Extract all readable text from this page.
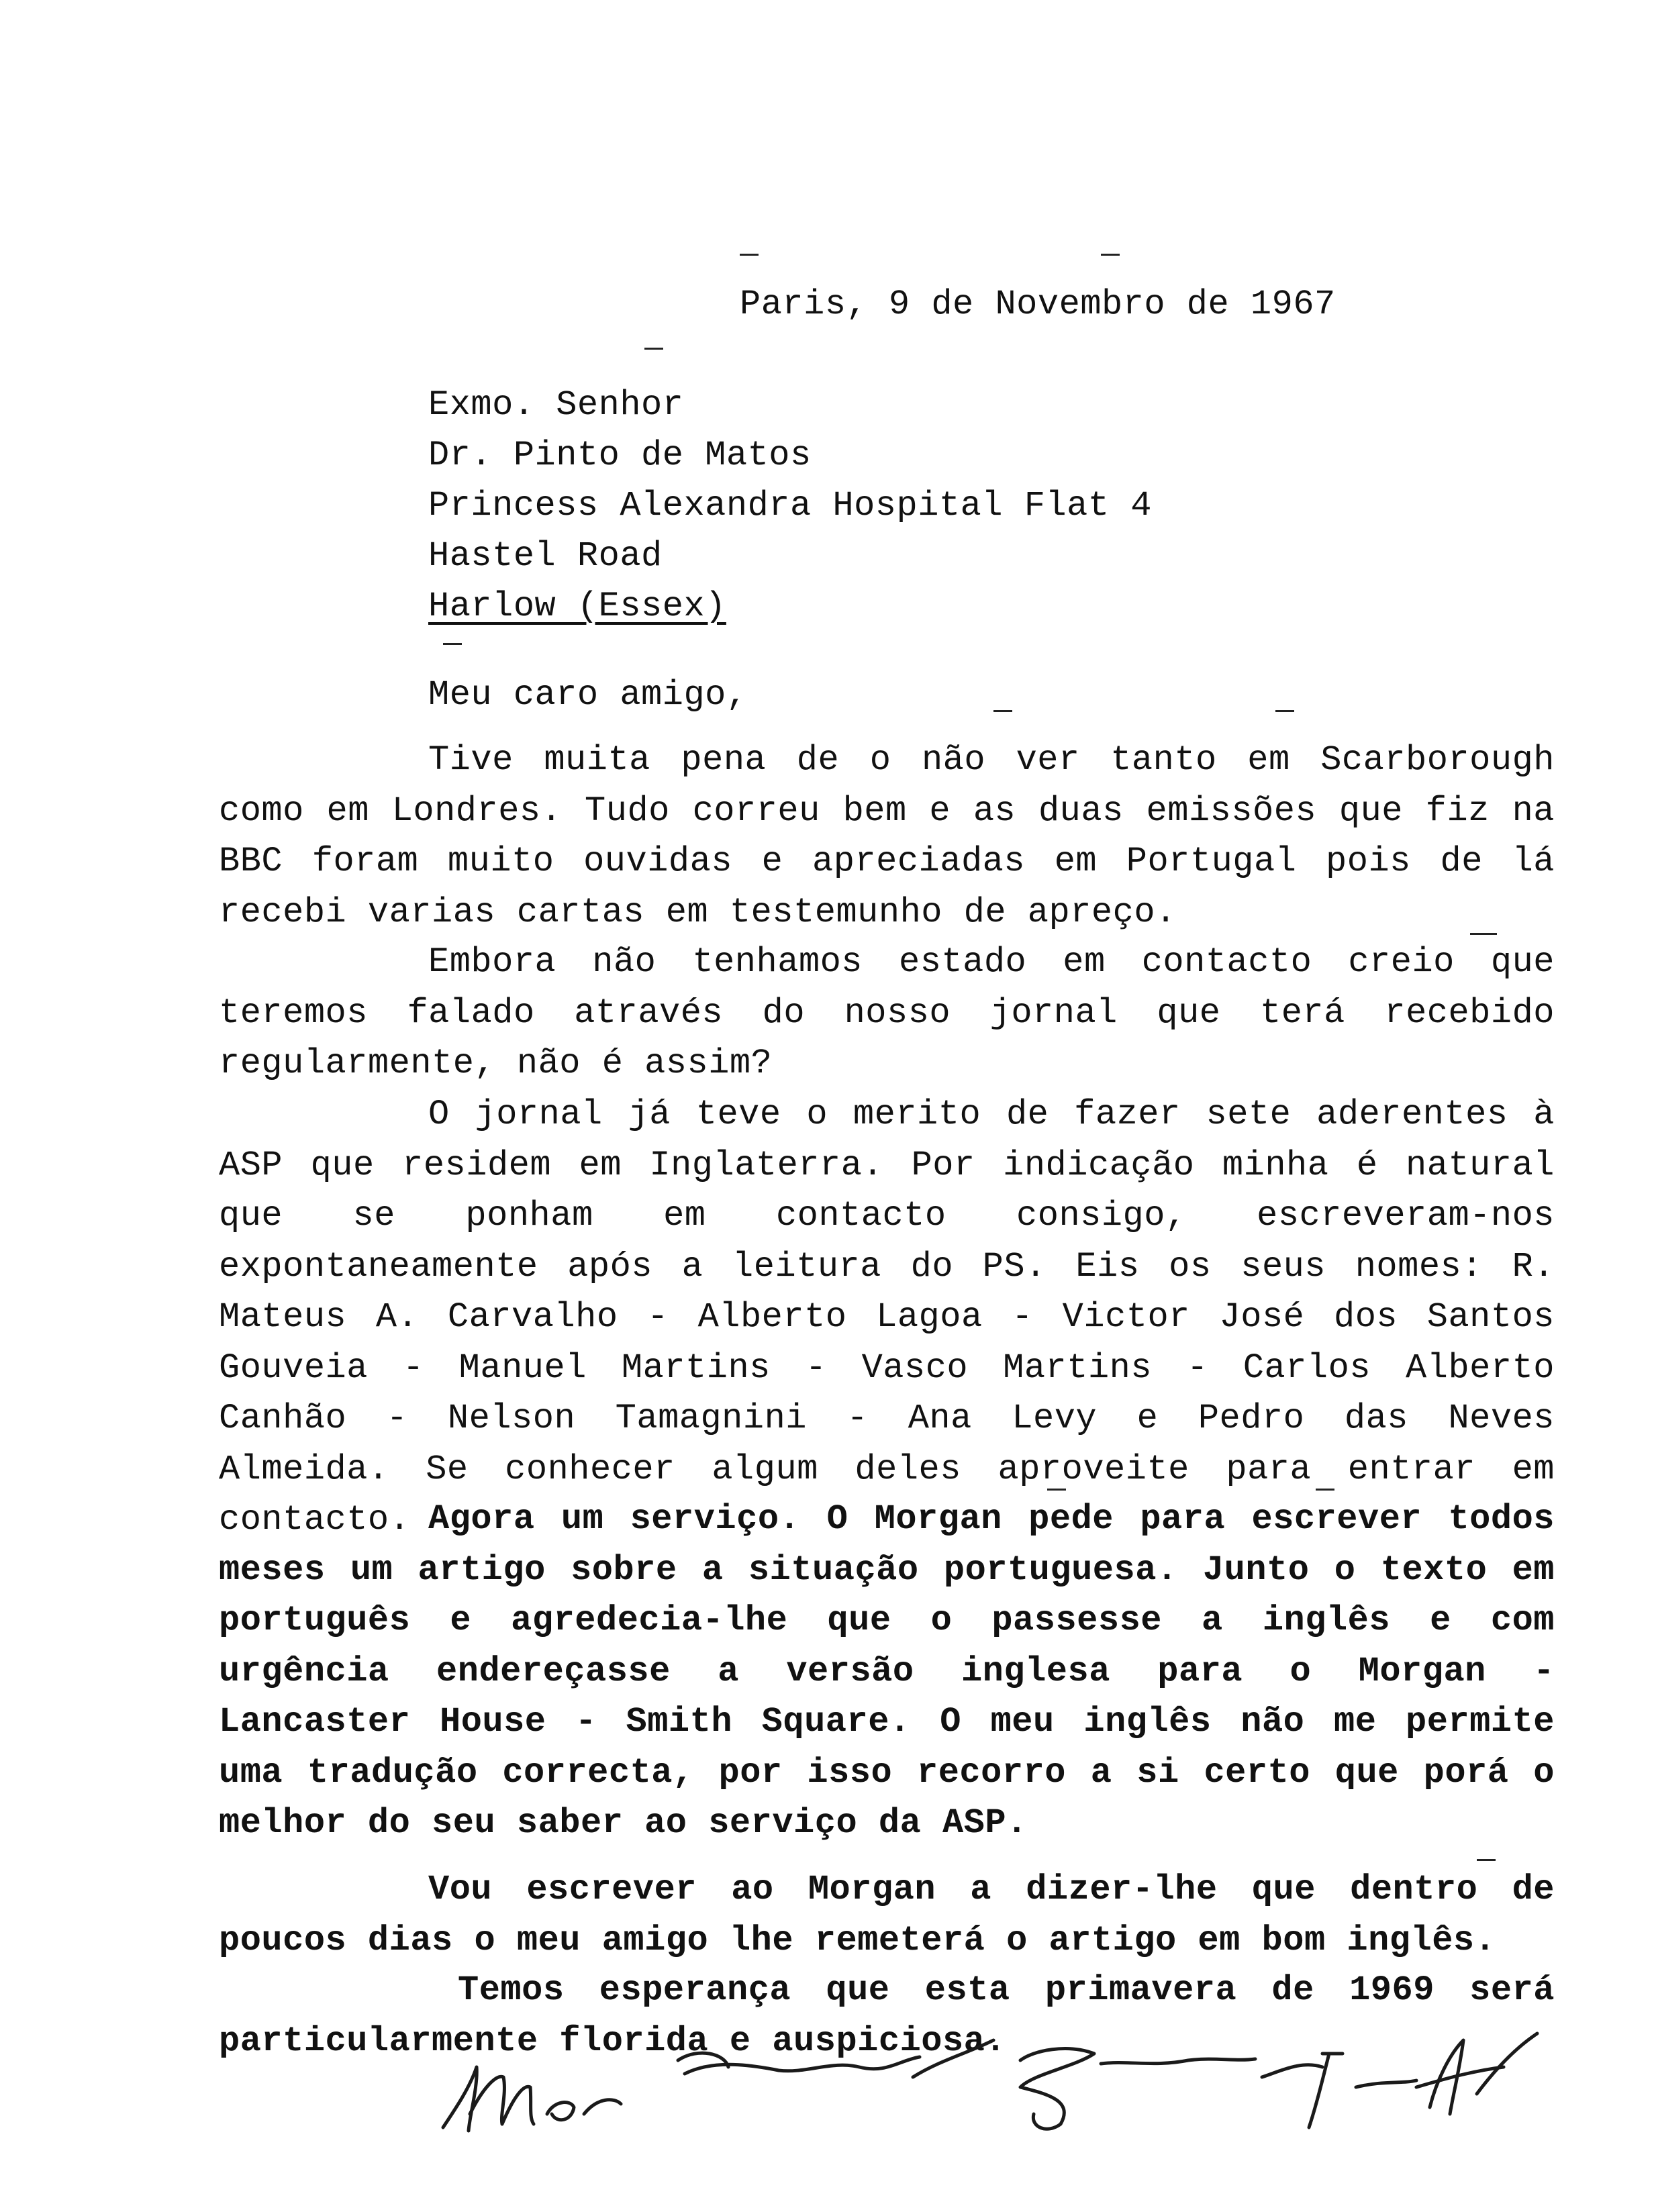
Paris, 9 de Novembro de 1967
Exmo. Senhor
Dr. Pinto de Matos
Princess Alexandra Hospital Flat 4
Hastel Road
Harlow (Essex)
Meu caro amigo,

Tive muita pena de o não ver tanto em Scarborough como em Londres. Tudo correu bem e as duas emissões que fiz na BBC foram muito ouvidas e apreciadas em Portugal pois de lá recebi varias cartas em testemunho de apreço.

Embora não tenhamos estado em contacto creio que teremos falado através do nosso jornal que terá recebido regularmente, não é assim?

O jornal já teve o merito de fazer sete aderentes à ASP que residem em Inglaterra. Por indicação minha é natural que se ponham em contacto consigo, escreveram-nos expontaneamente após a leitura do PS. Eis os seus nomes: R. Mateus A. Carvalho - Alberto Lagoa - Victor José dos Santos Gouveia - Manuel Martins - Vasco Martins - Carlos Alberto Canhão - Nelson Tamagnini - Ana Levy e Pedro das Neves Almeida. Se conhecer algum deles aproveite para entrar em contacto. Agora um serviço. O Morgan pede para escrever todos meses um artigo sobre a situação portuguesa. Junto o texto em português e agredecia-lhe que o passesse a inglês e com urgência endereçasse a versão inglesa para o Morgan - Lancaster House - Smith Square. O meu inglês não me permite uma tradução correcta, por isso recorro a si certo que porá o melhor do seu saber ao serviço da ASP.

Vou escrever ao Morgan a dizer-lhe que dentro de poucos dias o meu amigo lhe remeterá o artigo em bom inglês.

Temos esperança que esta primavera de 1969 será particularmente florida e auspiciosa.
